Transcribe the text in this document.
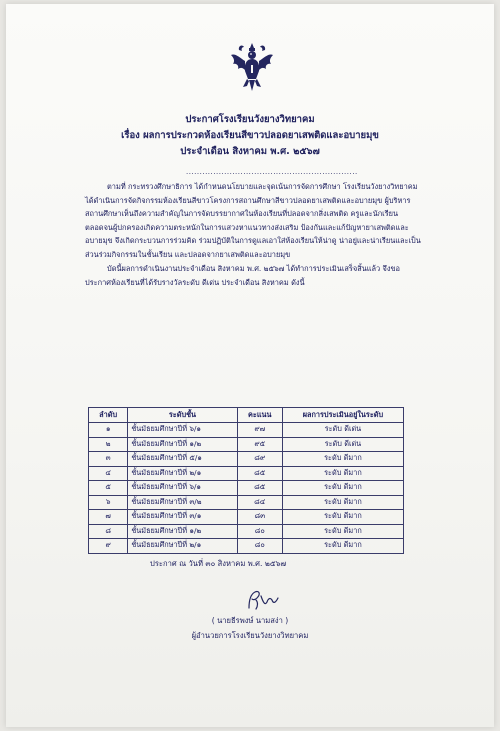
ประกาศโรงเรียนวังยางวิทยาคม
เรื่อง ผลการประกวดห้องเรียนสีขาวปลอดยาเสพติดและอบายมุข
ประจำเดือน สิงหาคม พ.ศ. ๒๕๖๗
...............................................................
ตามที่ กระทรวงศึกษาธิการ ได้กำหนดนโยบายและจุดเน้นการจัดการศึกษา โรงเรียนวังยางวิทยาคม
ได้ดำเนินการจัดกิจกรรมห้องเรียนสีขาวโครงการสถานศึกษาสีขาวปลอดยาเสพติดและอบายมุข ผู้บริหาร
สถานศึกษาเห็นถึงความสำคัญในการจัดบรรยากาศในห้องเรียนที่ปลอดจากสิ่งเสพติด ครูและนักเรียน
ตลอดจนผู้ปกครองเกิดความตระหนักในการแสวงหาแนวทางส่งเสริม ป้องกันและแก้ปัญหายาเสพติดและ
อบายมุข จึงเกิดกระบวนการร่วมคิด ร่วมปฏิบัติในการดูแลเอาใส่ห้องเรียนให้น่าดู น่าอยู่และน่าเรียนและเป็น
ส่วนร่วมกิจกรรมในชั้นเรียน และปลอดจากยาเสพติดและอบายมุข
บัดนี้ผลการดำเนินงานประจำเดือน สิงหาคม พ.ศ. ๒๕๖๗ ได้ทำการประเมินเสร็จสิ้นแล้ว จึงขอ
ประกาศห้องเรียนที่ได้รับรางวัลระดับ ดีเด่น ประจำเดือน สิงหาคม ดังนี้
ลำดับ	ระดับชั้น	คะแนน	ผลการประเมินอยู่ในระดับ
๑	ชั้นมัธยมศึกษาปีที่ ๖/๑	๙๗	ระดับ ดีเด่น
๒	ชั้นมัธยมศึกษาปีที่ ๑/๒	๙๕	ระดับ ดีเด่น
๓	ชั้นมัธยมศึกษาปีที่ ๕/๑	๘๙	ระดับ ดีมาก
๔	ชั้นมัธยมศึกษาปีที่ ๒/๑	๘๕	ระดับ ดีมาก
๕	ชั้นมัธยมศึกษาปีที่ ๖/๑	๘๕	ระดับ ดีมาก
๖	ชั้นมัธยมศึกษาปีที่ ๓/๒	๘๔	ระดับ ดีมาก
๗	ชั้นมัธยมศึกษาปีที่ ๓/๑	๘๓	ระดับ ดีมาก
๘	ชั้นมัธยมศึกษาปีที่ ๑/๒	๘๐	ระดับ ดีมาก
๙	ชั้นมัธยมศึกษาปีที่ ๒/๑	๘๐	ระดับ ดีมาก
ประกาศ ณ วันที่ ๓๐ สิงหาคม พ.ศ. ๒๕๖๗
( นายธีรพงษ์ นามสง่า )
ผู้อำนวยการโรงเรียนวังยางวิทยาคม
